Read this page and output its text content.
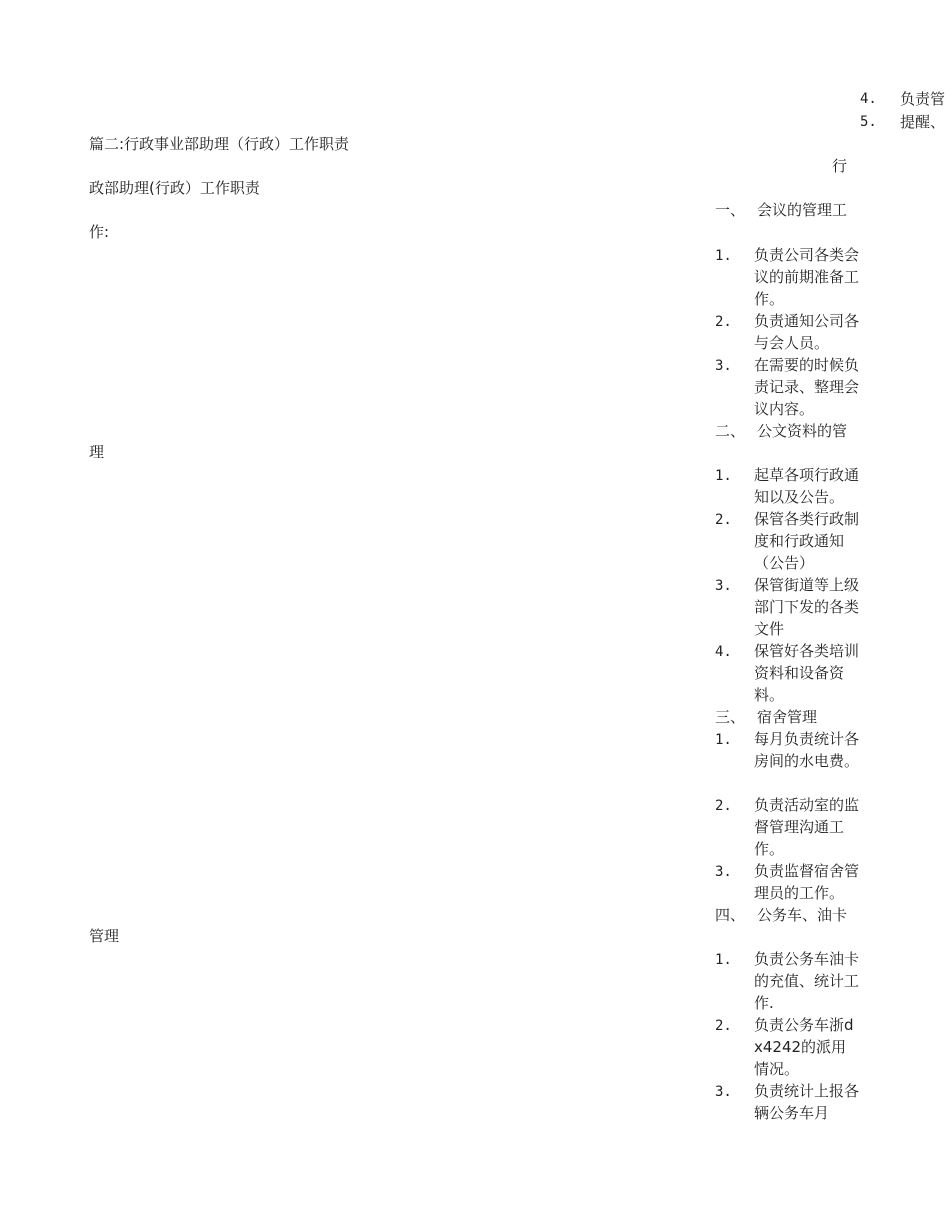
4. 负责管
5. 提醒、
篇二:行政事业部助理（行政）工作职责
政部助理(行政）工作职责
作:
理
管理
行
一、 会议的管理工
1. 负责公司各类会议的前期准备工作。
2. 负责通知公司各与会人员。
3. 在需要的时候负责记录、整理会议内容。
二、 公文资料的管
1. 起草各项行政通知以及公告。
2. 保管各类行政制度和行政通知（公告）
3. 保管街道等上级部门下发的各类文件
4. 保管好各类培训资料和设备资料。
三、 宿舍管理
1. 每月负责统计各房间的水电费。
2. 负责活动室的监督管理沟通工作。
3. 负责监督宿舍管理员的工作。
四、 公务车、油卡
1. 负责公务车油卡的充值、统计工作.
2. 负责公务车浙dx4242的派用情况。
3. 负责统计上报各辆公务车月
